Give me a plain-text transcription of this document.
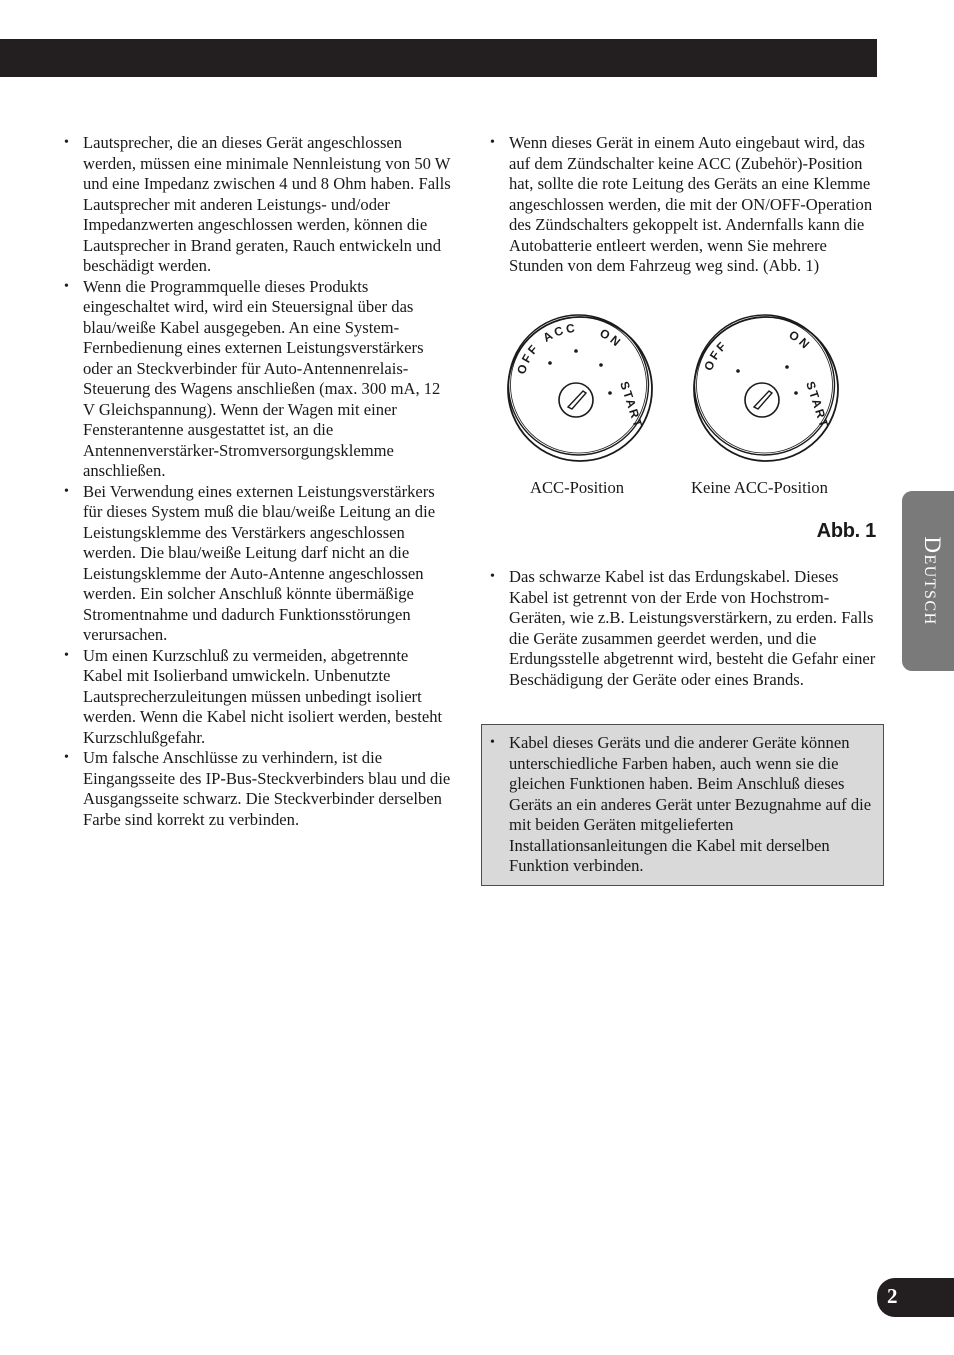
• Lautsprecher, die an dieses Gerät angeschlossen werden, müssen eine minimale Nennleistung von 50 W und eine Impedanz zwischen 4 und 8 Ohm haben. Falls Lautsprecher mit anderen Leistungs- und/oder Impedanzwerten angeschlossen werden, können die Lautsprecher in Brand geraten, Rauch entwickeln und beschädigt werden.
• Wenn die Programmquelle dieses Produkts eingeschaltet wird, wird ein Steuersignal über das blau/weiße Kabel ausgegeben. An eine System-Fernbedienung eines externen Leistungsverstärkers oder an Steckverbinder für Auto-Antennenrelais-Steuerung des Wagens anschließen (max. 300 mA, 12 V Gleichspannung). Wenn der Wagen mit einer Fensterantenne ausgestattet ist, an die Antennenverstärker-Stromversorgungsklemme anschließen.
• Bei Verwendung eines externen Leistungsverstärkers für dieses System muß die blau/weiße Leitung an die Leistungsklemme des Verstärkers angeschlossen werden. Die blau/weiße Leitung darf nicht an die Leistungsklemme der Auto-Antenne angeschlossen werden. Ein solcher Anschluß könnte übermäßige Stromentnahme und dadurch Funktionsstörungen verursachen.
• Um einen Kurzschluß zu vermeiden, abgetrennte Kabel mit Isolierband umwickeln. Unbenutzte Lautsprecherzuleitungen müssen unbedingt isoliert werden. Wenn die Kabel nicht isoliert werden, besteht Kurzschlußgefahr.
• Um falsche Anschlüsse zu verhindern, ist die Eingangsseite des IP-Bus-Steckverbinders blau und die Ausgangsseite schwarz. Die Steckverbinder derselben Farbe sind korrekt zu verbinden.
• Wenn dieses Gerät in einem Auto eingebaut wird, das auf dem Zündschalter keine ACC (Zubehör)-Position hat, sollte die rote Leitung des Geräts an eine Klemme angeschlossen werden, die mit der ON/OFF-Operation des Zündschalters gekoppelt ist. Andernfalls kann die Autobatterie entleert werden, wenn Sie mehrere Stunden von dem Fahrzeug weg sind. (Abb. 1)
OFF
ACC ON
START
OFF
ON
START
ACC-Position	Keine ACC-Position
Abb. 1
• Das schwarze Kabel ist das Erdungskabel. Dieses Kabel ist getrennt von der Erde von Hochstrom-Geräten, wie z.B. Leistungsverstärkern, zu erden. Falls die Geräte zusammen geerdet werden, und die Erdungsstelle abgetrennt wird, besteht die Gefahr einer Beschädigung der Geräte oder eines Brands.
• Kabel dieses Geräts und die anderer Geräte können unterschiedliche Farben haben, auch wenn sie die gleichen Funktionen haben. Beim Anschluß dieses Geräts an ein anderes Gerät unter Bezugnahme auf die mit beiden Geräten mitgelieferten Installationsanleitungen die Kabel mit derselben Funktion verbinden.
Deutsch
2
